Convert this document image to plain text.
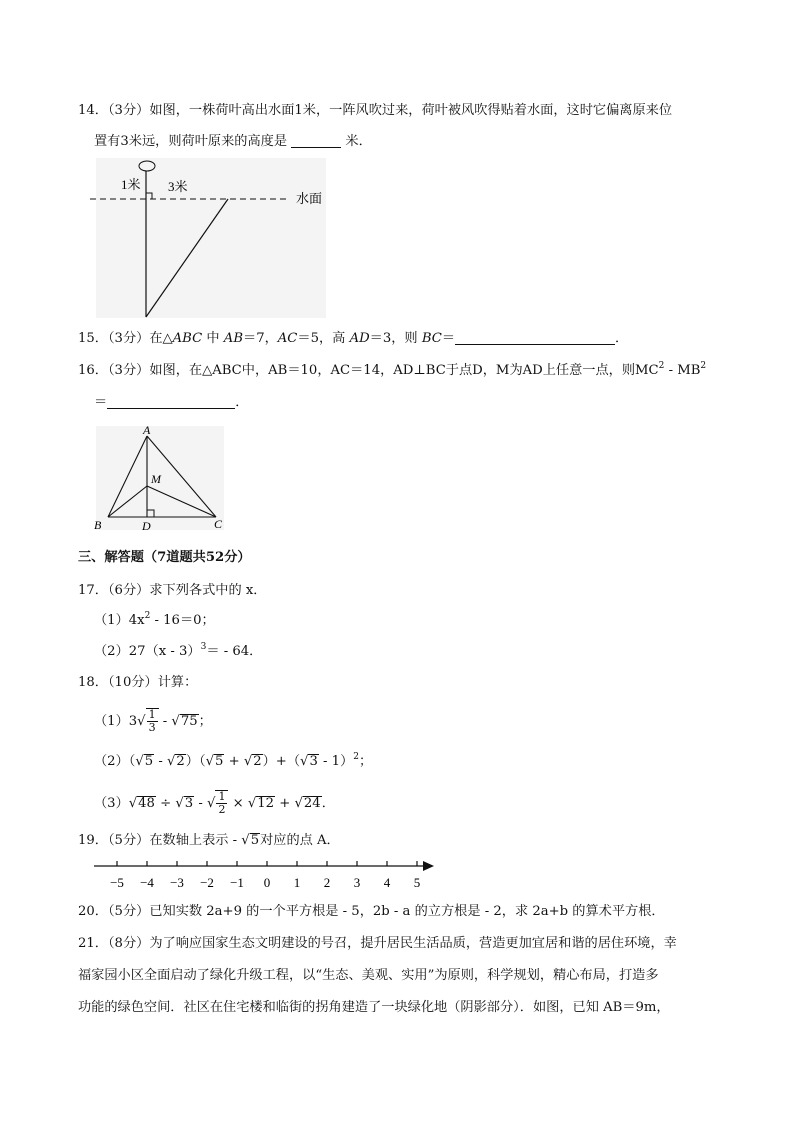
14．（3分）如图，一株荷叶高出水面1米，一阵风吹过来，荷叶被风吹得贴着水面，这时它偏离原来位
置有3米远，则荷叶原来的高度是	米．
1米 3米
水面
15．（3分）在△ABC 中 AB＝7，AC＝5，高 AD＝3，则 BC＝	．
16．（3分）如图，在△ABC中，AB＝10，AC＝14，AD⊥BC于点D，M为AD上任意一点，则$MC^2 - MB^2$
＝	．
A
M
B	D	C
三、解答题（7道题共52分）
17．（6分）求下列各式中的 x．
$(1)4x^2 - 16=0$；
（2）27（x - 3）$^3$＝ - 64．
18．（10分）计算：
$(1)3√ \frac{1}{3} - √75$；
（2）（√5 - √2）（√5 + √2）+（√3 - 1）$^2$；
（3）√48 ÷ √3 - √ $\frac{1}{2} \times √12 + √24$．
19．（5分）在数轴上表示 - √5对应的点 A．
−5 −4 −3 −2 −1 0 1 2 3 4 5
20．（5分）已知实数 2a+9 的一个平方根是 - 5，2b - a 的立方根是 - 2，求 2a+b 的算术平方根．
21．（8分）为了响应国家生态文明建设的号召，提升居民生活品质，营造更加宜居和谐的居住环境，幸
福家园小区全面启动了绿化升级工程，以“生态、美观、实用”为原则，科学规划，精心布局，打造多
功能的绿色空间．社区在住宅楼和临街的拐角建造了一块绿化地（阴影部分）．如图，已知 AB＝9m，
